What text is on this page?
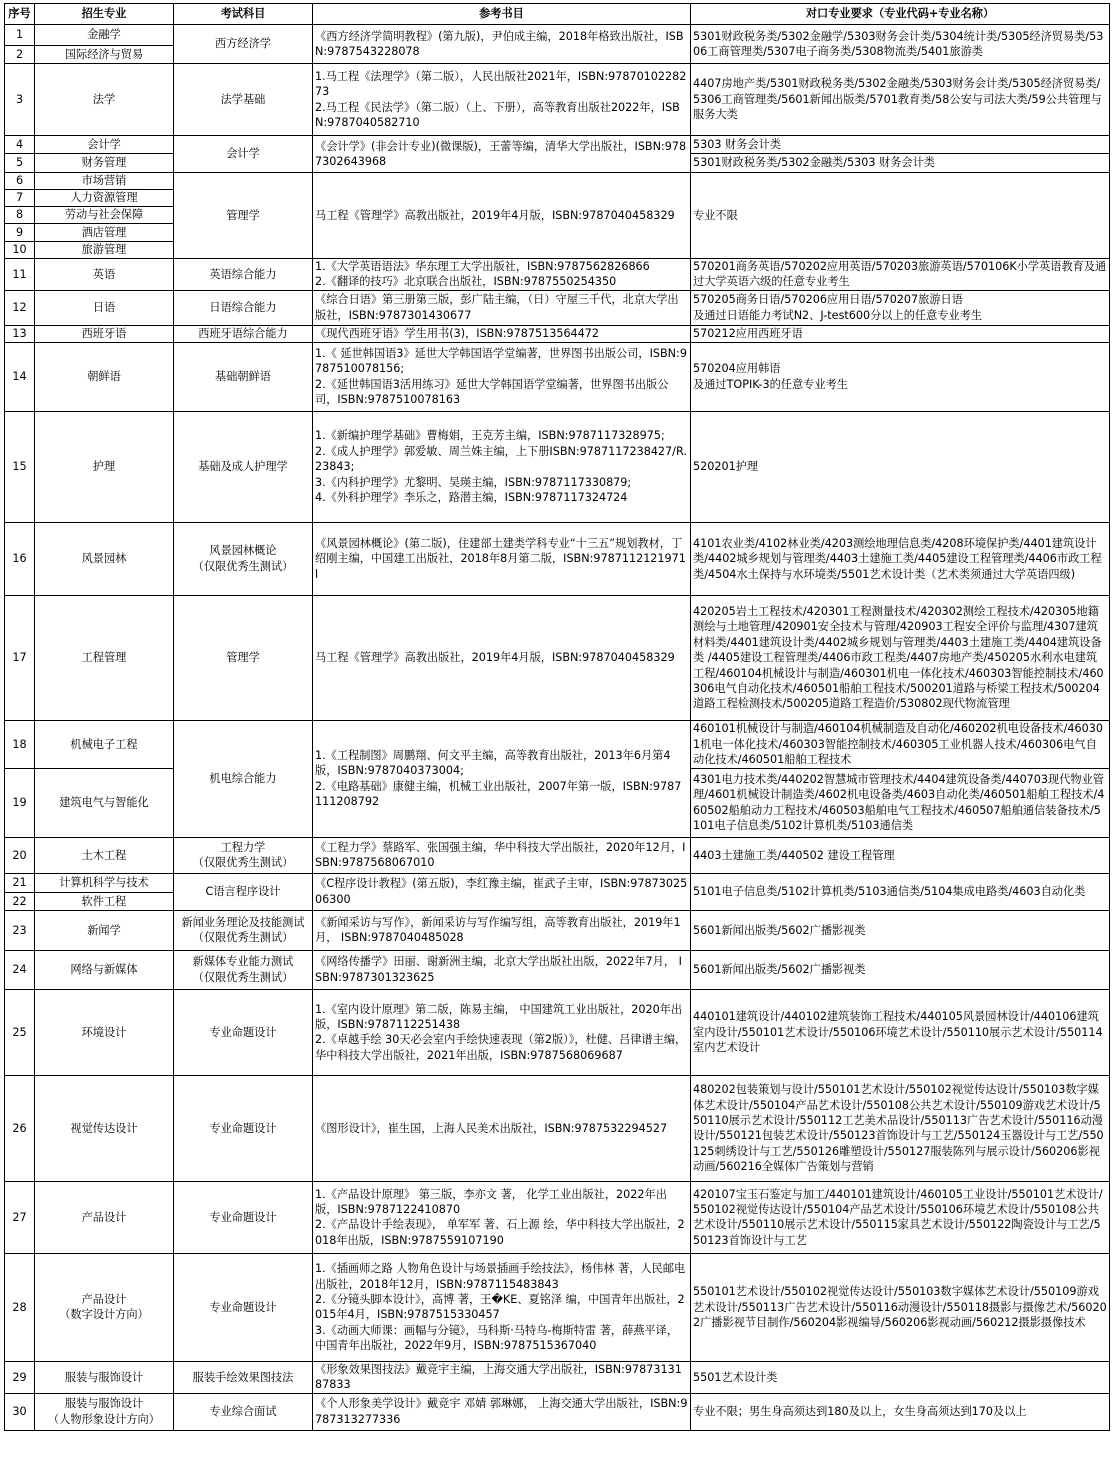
序号	招生专业	考试科目	参考书目	对口专业要求（专业代码+专业名称）
1	金融学	西方经济学	《西方经济学简明教程》(第九版)，尹伯成主编，2018年格致出版社，ISBN:9787543228078	5301财政税务类/5302金融学/5303财务会计类/5304统计类/5305经济贸易类/5306工商管理类/5307电子商务类/5308物流类/5401旅游类

2	国际经济与贸易			

3	法学	法学基础	1.马工程《法理学》（第二版），人民出版社2021年，ISBN:9787010228273
2.马工程《民法学》（第二版）（上、下册），高等教育出版社2022年，ISBN:9787040582710	4407房地产类/5301财政税务类/5302金融类/5303财务会计类/5305经济贸易类/5306工商管理类/5601新闻出版类/5701教育类/58公安与司法大类/59公共管理与服务大类

4	会计学	会计学	《会计学》(非会计专业)(微课版)，王蕾等编，清华大学出版社，ISBN:9787302643968	5303 财务会计类

5	财务管理			5301财政税务类/5302金融类/5303 财务会计类

6	市场营销	管理学	马工程《管理学》高教出版社，2019年4月版，ISBN:9787040458329	专业不限

7	人力资源管理			

8	劳动与社会保障			

9	酒店管理			

10	旅游管理			

11	英语	英语综合能力	1.《大学英语语法》华东理工大学出版社，ISBN:9787562826866
2.《翻译的技巧》北京联合出版社，ISBN:9787550254350	570201商务英语/570202应用英语/570203旅游英语/570106K小学英语教育及通过大学英语六级的任意专业考生

12	日语	日语综合能力	《综合日语》第三册第三版，彭广陆主编，（日）守屋三千代，北京大学出版社，ISBN:9787301430677	570205商务日语/570206应用日语/570207旅游日语
及通过日语能力考试N2、J-test600分以上的任意专业考生

13	西班牙语	西班牙语综合能力	《现代西班牙语》学生用书(3)，ISBN:9787513564472	570212应用西班牙语

14	朝鲜语	基础朝鲜语	1.《 延世韩国语3》延世大学韩国语学堂编著，世界图书出版公司，ISBN:9787510078156;
2.《延世韩国语3活用练习》延世大学韩国语学堂编著，世界图书出版公司，ISBN:9787510078163	570204应用韩语
及通过TOPIK-3的任意专业考生

15	护理	基础及成人护理学	1.《新编护理学基础》曹梅娟，王克芳主编，ISBN:9787117328975;
2.《成人护理学》郭爱敏、周兰姝主编，上下册ISBN:9787117238427/R.23843;
3.《内科护理学》尤黎明、吴瑛主编，ISBN:9787117330879;
4.《外科护理学》李乐之，路潜主编，ISBN:9787117324724	520201护理

16	风景园林	风景园林概论
（仅限优秀生测试）	《风景园林概论》(第二版)，住建部土建类学科专业“十三五”规划教材，丁绍刚主编，中国建工出版社，2018年8月第二版，ISBN:9787112121971l	4101农业类/4102林业类/4203测绘地理信息类/4208环境保护类/4401建筑设计类/4402城乡规划与管理类/4403土建施工类/4405建设工程管理类/4406市政工程类/4504水土保持与水环境类/5501艺术设计类（艺术类须通过大学英语四级)

17	工程管理	管理学	马工程《管理学》高教出版社，2019年4月版，ISBN:9787040458329	420205岩土工程技术/420301工程测量技术/420302测绘工程技术/420305地籍测绘与土地管理/420901安全技术与管理/420903工程安全评价与监理/4307建筑材料类/4401建筑设计类/4402城乡规划与管理类/4403土建施工类/4404建筑设备类 /4405建设工程管理类/4406市政工程类/4407房地产类/450205水利水电建筑工程/460104机械设计与制造/460301机电一体化技术/460303智能控制技术/460306电气自动化技术/460501船舶工程技术/500201道路与桥梁工程技术/500204 道路工程检测技术/500205道路工程造价/530802现代物流管理

18	机械电子工程	机电综合能力	1.《工程制图》周鹏翔、何文平主编，高等教育出版社，2013年6月第4版，ISBN:9787040373004;
2.《电路基础》康健主编，机械工业出版社，2007年第一版，ISBN:9787111208792	460101机械设计与制造/460104机械制造及自动化/460202机电设备技术/460301机电一体化技术/460303智能控制技术/460305工业机器人技术/460306电气自动化技术/460501船舶工程技术

19	建筑电气与智能化			4301电力技术类/440202智慧城市管理技术/4404建筑设备类/440703现代物业管理/4601机械设计制造类/4602机电设备类/4603自动化类/460501船舶工程技术/460502船舶动力工程技术/460503船舶电气工程技术/460507船舶通信装备技术/5101电子信息类/5102计算机类/5103通信类

20	土木工程	工程力学
（仅限优秀生测试）	《工程力学》蔡路军、张国强主编，华中科技大学出版社，2020年12月，ISBN:9787568067010	4403土建施工类/440502 建设工程管理

21	计算机科学与技术	C语言程序设计	《C程序设计教程》(第五版)，李红豫主编，崔武子主审，ISBN:9787302506300	5101电子信息类/5102计算机类/5103通信类/5104集成电路类/4603自动化类

22	软件工程			

23	新闻学	新闻业务理论及技能测试
（仅限优秀生测试）	《新闻采访与写作》，新闻采访与写作编写组，高等教育出版社，2019年1月， ISBN:9787040485028	5601新闻出版类/5602广播影视类

24	网络与新媒体	新媒体专业能力测试
（仅限优秀生测试）	《网络传播学》田丽、谢新洲主编，北京大学出版社出版，2022年7月， ISBN:9787301323625	5601新闻出版类/5602广播影视类

25	环境设计	专业命题设计	1.《室内设计原理》第二版，陈易主编， 中国建筑工业出版社，2020年出版，ISBN:9787112251438
2.《卓越手绘 30天必会室内手绘快速表现（第2版）》，杜健、吕律谱主编，华中科技大学出版社，2021年出版，ISBN:9787568069687	440101建筑设计/440102建筑装饰工程技术/440105风景园林设计/440106建筑室内设计/550101艺术设计/550106环境艺术设计/550110展示艺术设计/550114室内艺术设计

26	视觉传达设计	专业命题设计	《图形设计》，崔生国，上海人民美术出版社，ISBN:9787532294527	480202包装策划与设计/550101艺术设计/550102视觉传达设计/550103数字媒体艺术设计/550104产品艺术设计/550108公共艺术设计/550109游戏艺术设计/550110展示艺术设计/550112工艺美术品设计/550113广告艺术设计/550116动漫设计/550121包装艺术设计/550123首饰设计与工艺/550124玉器设计与工艺/550125刺绣设计与工艺/550126雕塑设计/550127服装陈列与展示设计/560206影视动画/560216全媒体广告策划与营销

27	产品设计	专业命题设计	1.《产品设计原理》 第三版，李亦文 著， 化学工业出版社，2022年出版，ISBN:9787122410870
2.《产品设计手绘表现》， 单军军 著、石上源 绘，华中科技大学出版社，2018年出版，ISBN:9787559107190	420107宝玉石鉴定与加工/440101建筑设计/460105工业设计/550101艺术设计/550102视觉传达设计/550104产品艺术设计/550106环境艺术设计/550108公共艺术设计/550110展示艺术设计/550115家具艺术设计/550122陶瓷设计与工艺/550123首饰设计与工艺

28	产品设计
（数字设计方向）	专业命题设计	1.《插画师之路 人物角色设计与场景插画手绘技法》，杨伟林 著，人民邮电出版社，2018年12月，ISBN:9787115483843
2.《分镜头脚本设计》，高博 著，王�KE、夏铭泽 编，中国青年出版社，2015年4月，ISBN:9787515330457
3.《动画大师课：画幅与分镜》，马科斯·马特乌-梅斯特雷 著，薛燕平译，中国青年出版社，2022年9月，ISBN:9787515367040	550101艺术设计/550102视觉传达设计/550103数字媒体艺术设计/550109游戏艺术设计/550113广告艺术设计/550116动漫设计/550118摄影与摄像艺术/560202广播影视节目制作/560204影视编导/560206影视动画/560212摄影摄像技术

29	服装与服饰设计	服装手绘效果图技法	《形象效果图技法》戴竞宇主编，上海交通大学出版社，ISBN:9787313187833	5501艺术设计类

30	服装与服饰设计
（人物形象设计方向）	专业综合面试	《个人形象美学设计》戴竞宇 邓婧 郭琳娜， 上海交通大学出版社，ISBN:9787313277336	专业不限；男生身高须达到180及以上，女生身高须达到170及以上
